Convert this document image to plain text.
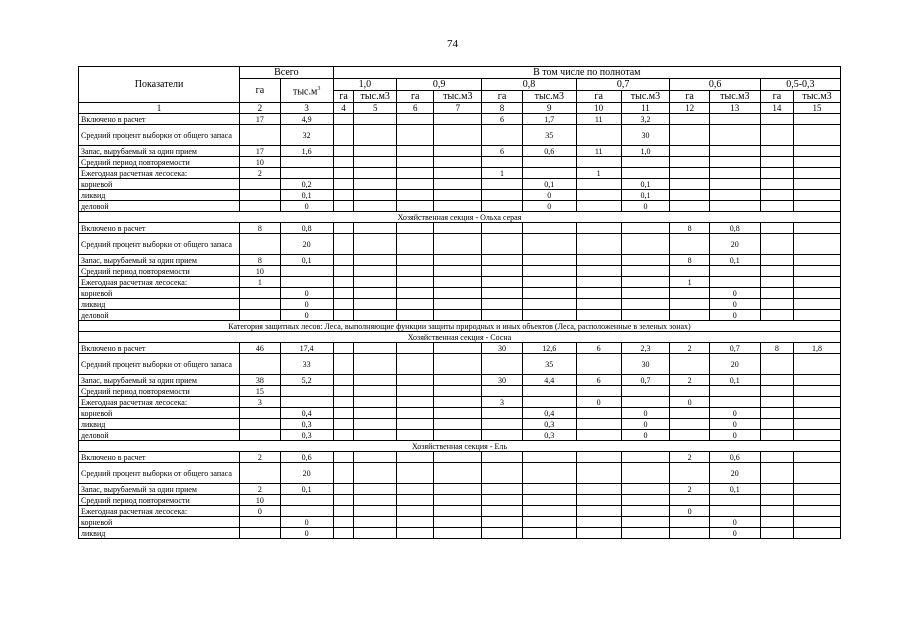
74
Показатели	Всего		В том числе по полнотам											
	га	$тыс.м^3$	1,0		0,9		0,8		0,7		0,6		0,5-0,3	
			га	тыс.м3	га	тыс.м3	га	тыс.м3	га	тыс.м3	га	тыс.м3	га	тыс.м3
1	2	3	4	5	6	7	8	9	10	11	12	13	14	15
Включено в расчет	17	4,9					6	1,7	11	3,2				
Средний процент выборки от общего запаса		32						35		30				
Запас, вырубаемый за один прием	17	1,6					6	0,6	11	1,0				
Средний период повторяемости	10													
Ежегодная расчетная лесосека:	2						1		1					
корневой		0,2						0,1		0,1				
ликвид		0,1						0		0,1				
деловой		0						0		0				
Хозяйственная секция - Ольха серая														
Включено в расчет	8	0,8									8	0,8		
Средний процент выборки от общего запаса		20										20		
Запас, вырубаемый за один прием	8	0,1									8	0,1		
Средний период повторяемости	10													
Ежегодная расчетная лесосека:	1										1			
корневой		0										0		
ликвид		0										0		
деловой		0										0		
Категория защитных лесов: Леса, выполняющие функции защиты природных и иных объектов (Леса, расположенные в зеленых зонах)														
Хозяйственная секция - Сосна														
Включено в расчет	46	17,4					30	12,6	6	2,3	2	0,7	8	1,8
Средний процент выборки от общего запаса		33						35		30		20		
Запас, вырубаемый за один прием	38	5,2					30	4,4	6	0,7	2	0,1		
Средний период повторяемости	15													
Ежегодная расчетная лесосека:	3						3		0		0			
корневой		0,4						0,4		0		0		
ликвид		0,3						0,3		0		0		
деловой		0,3						0,3		0		0		
Хозяйственная секция - Ель														
Включено в расчет	2	0,6									2	0,6		
Средний процент выборки от общего запаса		20										20		
Запас, вырубаемый за один прием	2	0,1									2	0,1		
Средний период повторяемости	10													
Ежегодная расчетная лесосека:	0										0			
корневой		0										0		
ликвид		0										0		
